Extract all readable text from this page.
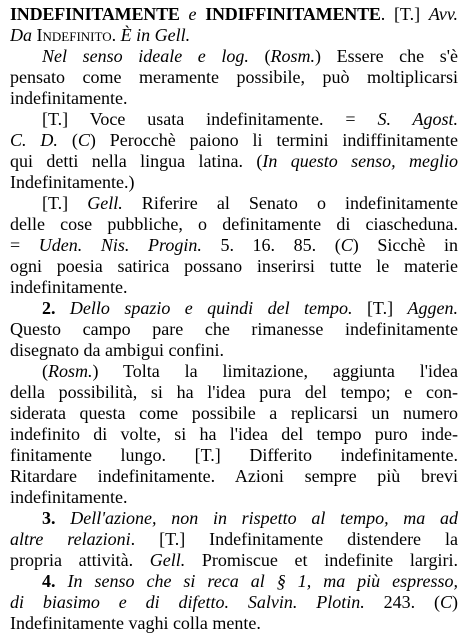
INDEFINITAMENTE e INDIFFINITAMENTE. [T.] Avv.
Da Indefinito. È in Gell.
Nel senso ideale e log. (Rosm.) Essere che s'è
pensato come meramente possibile, può moltiplicarsi
indefinitamente.
[T.] Voce usata indefinitamente. = S. Agost.
C. D. (C) Perocchè paiono li termini indiffinitamente
qui detti nella lingua latina. (In questo senso, meglio
Indefinitamente.)
[T.] Gell. Riferire al Senato o indefinitamente
delle cose pubbliche, o definitamente di ciascheduna.
= Uden. Nis. Progin. 5. 16. 85. (C) Sicchè in
ogni poesia satirica possano inserirsi tutte le materie
indefinitamente.
2. Dello spazio e quindi del tempo. [T.] Aggen.
Questo campo pare che rimanesse indefinitamente
disegnato da ambigui confini.
(Rosm.) Tolta la limitazione, aggiunta l'idea
della possibilità, si ha l'idea pura del tempo; e con-
siderata questa come possibile a replicarsi un numero
indefinito di volte, si ha l'idea del tempo puro inde-
finitamente lungo. [T.] Differito indefinitamente.
Ritardare indefinitamente. Azioni sempre più brevi
indefinitamente.
3. Dell'azione, non in rispetto al tempo, ma ad
altre relazioni. [T.] Indefinitamente distendere la
propria attività. Gell. Promiscue et indefinite largiri.
4. In senso che si reca al § 1, ma più espresso,
di biasimo e di difetto. Salvin. Plotin. 243. (C)
Indefinitamente vaghi colla mente.
